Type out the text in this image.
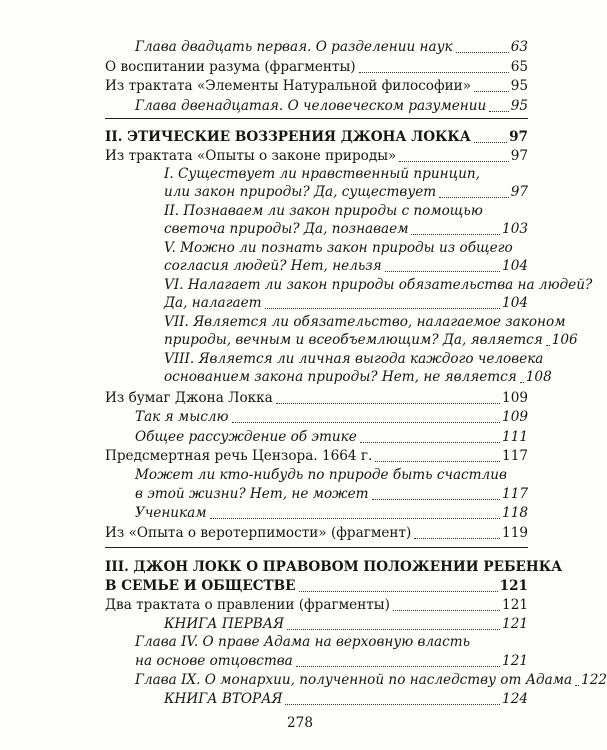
Глава двадцать первая. О разделении наук	63
О воспитании разума (фрагменты)	65
Из трактата «Элементы Натуральной философии»	95
Глава двенадцатая. О человеческом разумении 95
II. ЭТИЧЕСКИЕ ВОЗЗРЕНИЯ ДЖОНА ЛОККА	97
Из трактата «Опыты о законе природы»	97
I. Существует ли нравственный принцип,
или закон природы? Да, существует	97
II. Познаваем ли закон природы с помощью
светоча природы? Да, познаваем	103
V. Можно ли познать закон природы из общего
согласия людей? Нет, нельзя	104
VI. Налагает ли закон природы обязательства на людей?
Да, налагает	104
VII. Является ли обязательство, налагаемое законом
природы, вечным и всеобъемлющим? Да, является 106
VIII. Является ли личная выгода каждого человека
основанием закона природы? Нет, не является 108
Из бумаг Джона Локка	109
Так я мыслю	109
Общее рассуждение об этике	111
Предсмертная речь Цензора. 1664 г.	117
Может ли кто-нибудь по природе быть счастлив
в этой жизни? Нет, не может	117
Ученикам	118
Из «Опыта о веротерпимости» (фрагмент)	119
III. ДЖОН ЛОКК О ПРАВОВОМ ПОЛОЖЕНИИ РЕБЕНКА
В СЕМЬЕ И ОБЩЕСТВЕ	121
Два трактата о правлении (фрагменты)	121
КНИГА ПЕРВАЯ	121
Глава IV. О праве Адама на верховную власть
на основе отцовства	121
Глава IX. О монархии, полученной по наследству от Адама 122
КНИГА ВТОРАЯ	124
278
